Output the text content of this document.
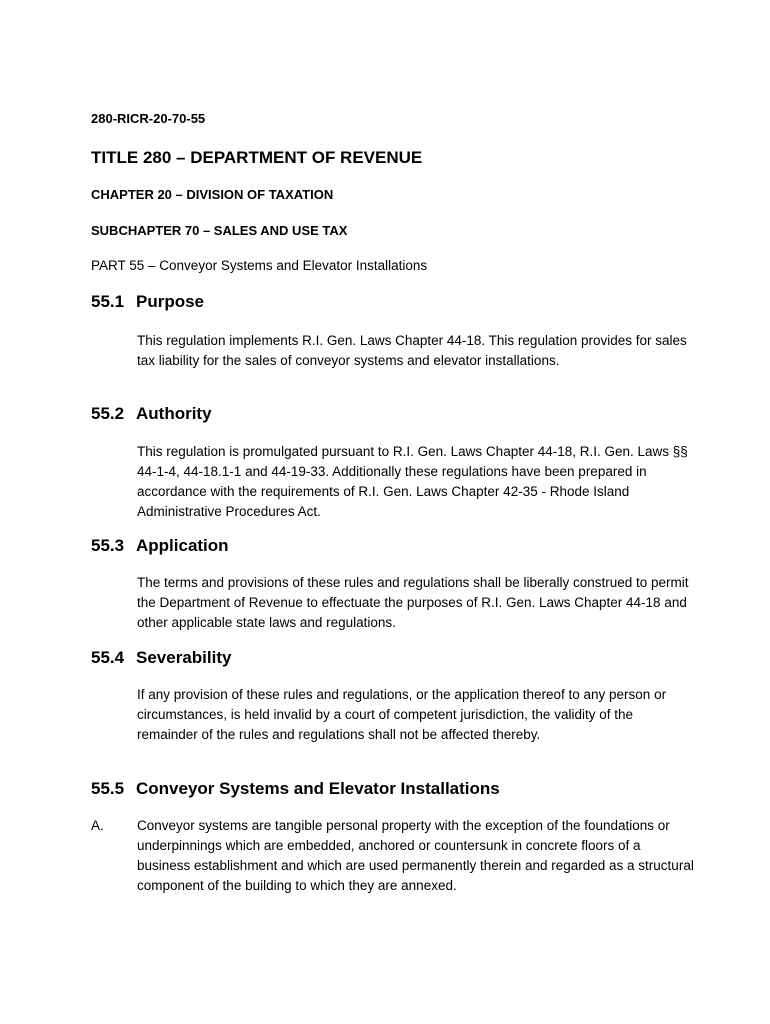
280-RICR-20-70-55

TITLE 280 – DEPARTMENT OF REVENUE

CHAPTER 20 – DIVISION OF TAXATION

SUBCHAPTER 70 – SALES AND USE TAX

PART 55 – Conveyor Systems and Elevator Installations

55.1 Purpose

This regulation implements R.I. Gen. Laws Chapter 44-18. This regulation provides for sales tax liability for the sales of conveyor systems and elevator installations.

55.2 Authority

This regulation is promulgated pursuant to R.I. Gen. Laws Chapter 44-18, R.I. Gen. Laws §§ 44-1-4, 44-18.1-1 and 44-19-33. Additionally these regulations have been prepared in accordance with the requirements of R.I. Gen. Laws Chapter 42-35 - Rhode Island Administrative Procedures Act.

55.3 Application

The terms and provisions of these rules and regulations shall be liberally construed to permit the Department of Revenue to effectuate the purposes of R.I. Gen. Laws Chapter 44-18 and other applicable state laws and regulations.

55.4 Severability

If any provision of these rules and regulations, or the application thereof to any person or circumstances, is held invalid by a court of competent jurisdiction, the validity of the remainder of the rules and regulations shall not be affected thereby.

55.5 Conveyor Systems and Elevator Installations

A. Conveyor systems are tangible personal property with the exception of the foundations or underpinnings which are embedded, anchored or countersunk in concrete floors of a business establishment and which are used permanently therein and regarded as a structural component of the building to which they are annexed.
